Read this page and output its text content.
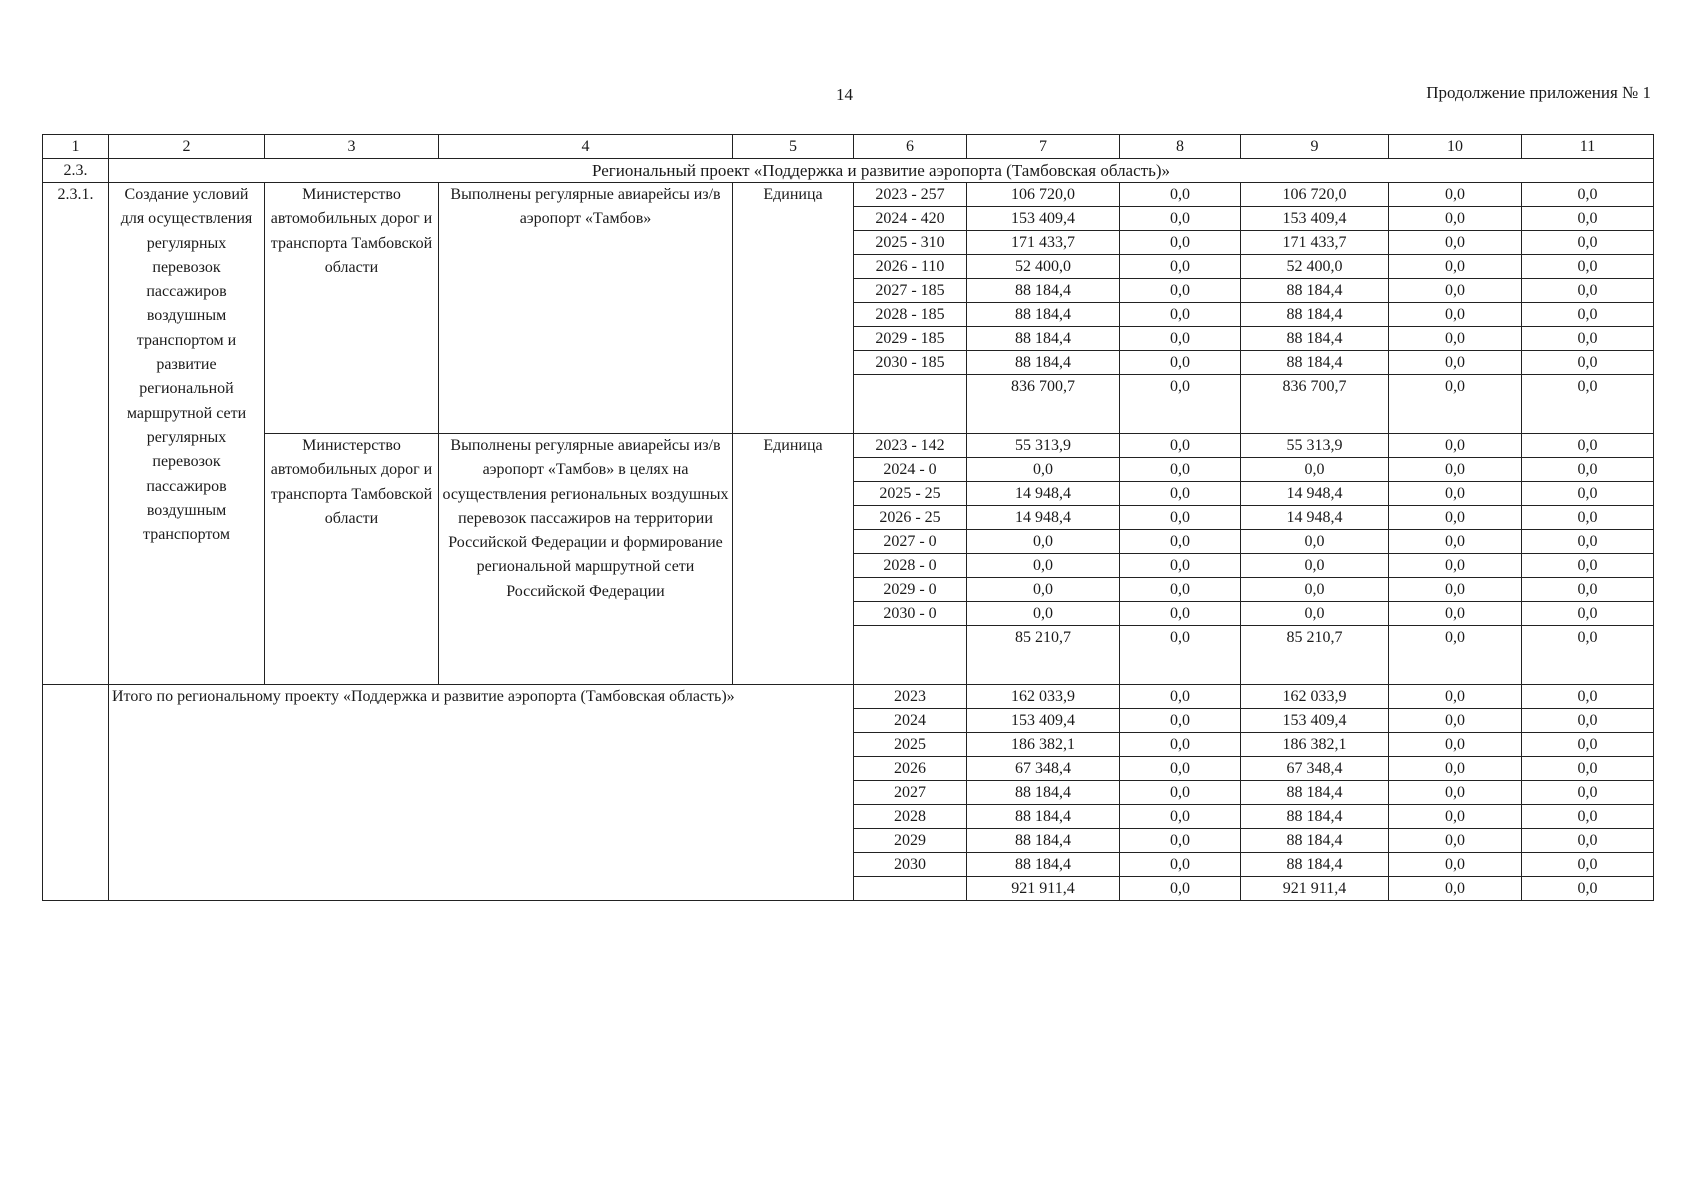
14	Продолжение приложения № 1
1	2	3	4	5	6	7	8	9	10	11
2.3.	Региональный проект «Поддержка и развитие аэропорта (Тамбовская область)»									
2.3.1.	Создание условий для осуществления регулярных перевозок пассажиров воздушным транспортом и развитие региональной маршрутной сети регулярных перевозок пассажиров воздушным транспортом	Министерство автомобильных дорог и транспорта Тамбовской области	Выполнены регулярные авиарейсы из/в аэропорт «Тамбов»	Единица	2023 - 257	106 720,0	0,0	106 720,0	0,0	0,0
					2024 - 420	153 409,4	0,0	153 409,4	0,0	0,0
					2025 - 310	171 433,7	0,0	171 433,7	0,0	0,0
					2026 - 110	52 400,0	0,0	52 400,0	0,0	0,0
					2027 - 185	88 184,4	0,0	88 184,4	0,0	0,0
					2028 - 185	88 184,4	0,0	88 184,4	0,0	0,0
					2029 - 185	88 184,4	0,0	88 184,4	0,0	0,0
					2030 - 185	88 184,4	0,0	88 184,4	0,0	0,0
						836 700,7	0,0	836 700,7	0,0	0,0
		Министерство автомобильных дорог и транспорта Тамбовской области	Выполнены регулярные авиарейсы из/в аэропорт «Тамбов» в целях на осуществления региональных воздушных перевозок пассажиров на территории Российской Федерации и формирование региональной маршрутной сети Российской Федерации	Единица	2023 - 142	55 313,9	0,0	55 313,9	0,0	0,0
					2024 - 0	0,0	0,0	0,0	0,0	0,0
					2025 - 25	14 948,4	0,0	14 948,4	0,0	0,0
					2026 - 25	14 948,4	0,0	14 948,4	0,0	0,0
					2027 - 0	0,0	0,0	0,0	0,0	0,0
					2028 - 0	0,0	0,0	0,0	0,0	0,0
					2029 - 0	0,0	0,0	0,0	0,0	0,0
					2030 - 0	0,0	0,0	0,0	0,0	0,0
						85 210,7	0,0	85 210,7	0,0	0,0
	Итого по региональному проекту «Поддержка и развитие аэропорта (Тамбовская область)»				2023	162 033,9	0,0	162 033,9	0,0	0,0
					2024	153 409,4	0,0	153 409,4	0,0	0,0
					2025	186 382,1	0,0	186 382,1	0,0	0,0
					2026	67 348,4	0,0	67 348,4	0,0	0,0
					2027	88 184,4	0,0	88 184,4	0,0	0,0
					2028	88 184,4	0,0	88 184,4	0,0	0,0
					2029	88 184,4	0,0	88 184,4	0,0	0,0
					2030	88 184,4	0,0	88 184,4	0,0	0,0
						921 911,4	0,0	921 911,4	0,0	0,0
